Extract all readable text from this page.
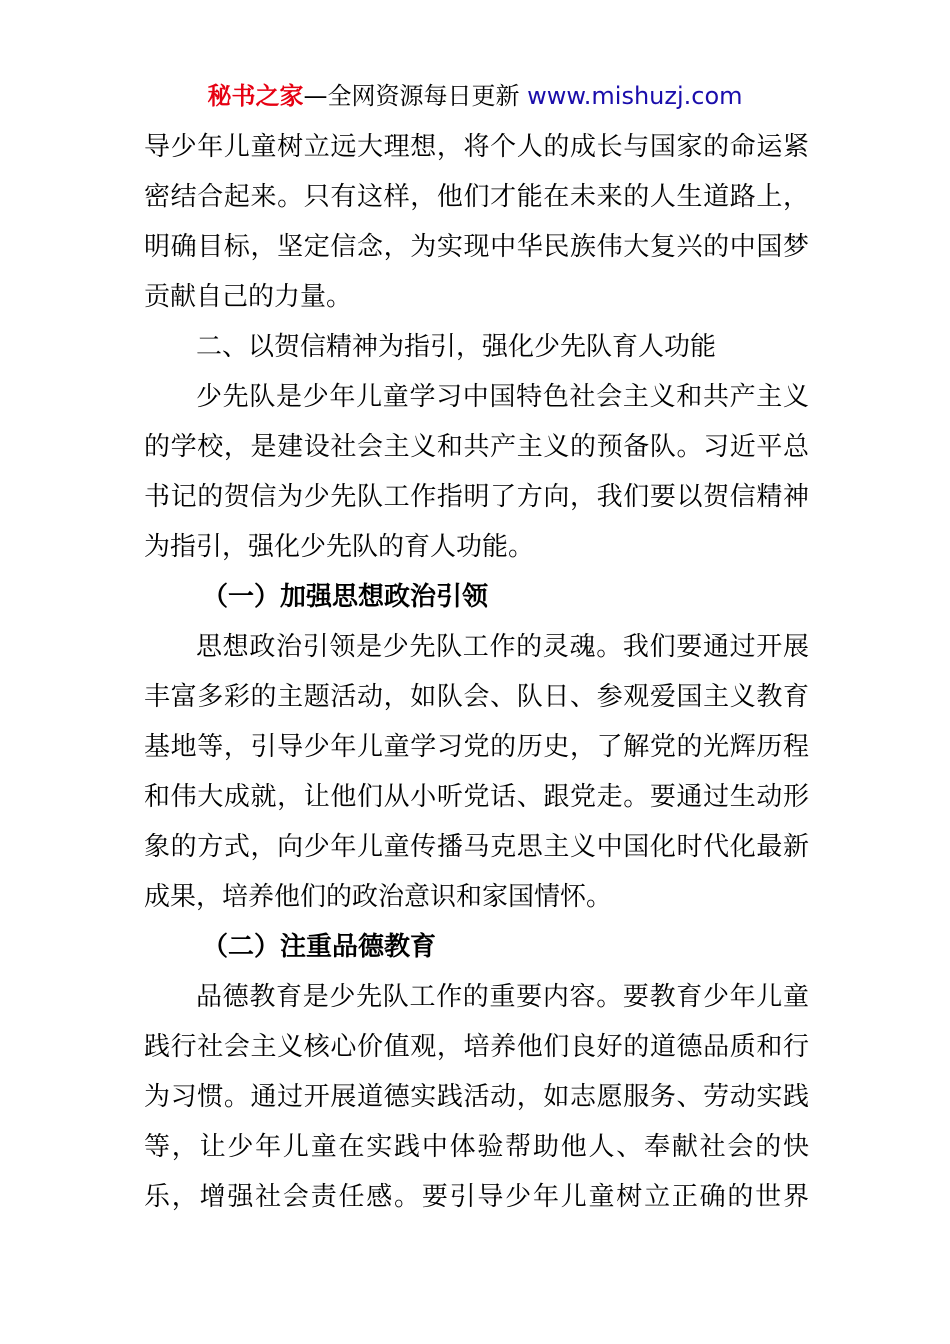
秘书之家—全网资源每日更新 www.mishuzj.com
导少年儿童树立远大理想，将个人的成长与国家的命运紧
密结合起来。只有这样，他们才能在未来的人生道路上，
明确目标，坚定信念，为实现中华民族伟大复兴的中国梦
贡献自己的力量。
二、以贺信精神为指引，强化少先队育人功能
少先队是少年儿童学习中国特色社会主义和共产主义
的学校，是建设社会主义和共产主义的预备队。习近平总
书记的贺信为少先队工作指明了方向，我们要以贺信精神
为指引，强化少先队的育人功能。
（一）加强思想政治引领
思想政治引领是少先队工作的灵魂。我们要通过开展
丰富多彩的主题活动，如队会、队日、参观爱国主义教育
基地等，引导少年儿童学习党的历史，了解党的光辉历程
和伟大成就，让他们从小听党话、跟党走。要通过生动形
象的方式，向少年儿童传播马克思主义中国化时代化最新
成果，培养他们的政治意识和家国情怀。
（二）注重品德教育
品德教育是少先队工作的重要内容。要教育少年儿童
践行社会主义核心价值观，培养他们良好的道德品质和行
为习惯。通过开展道德实践活动，如志愿服务、劳动实践
等，让少年儿童在实践中体验帮助他人、奉献社会的快
乐，增强社会责任感。要引导少年儿童树立正确的世界
